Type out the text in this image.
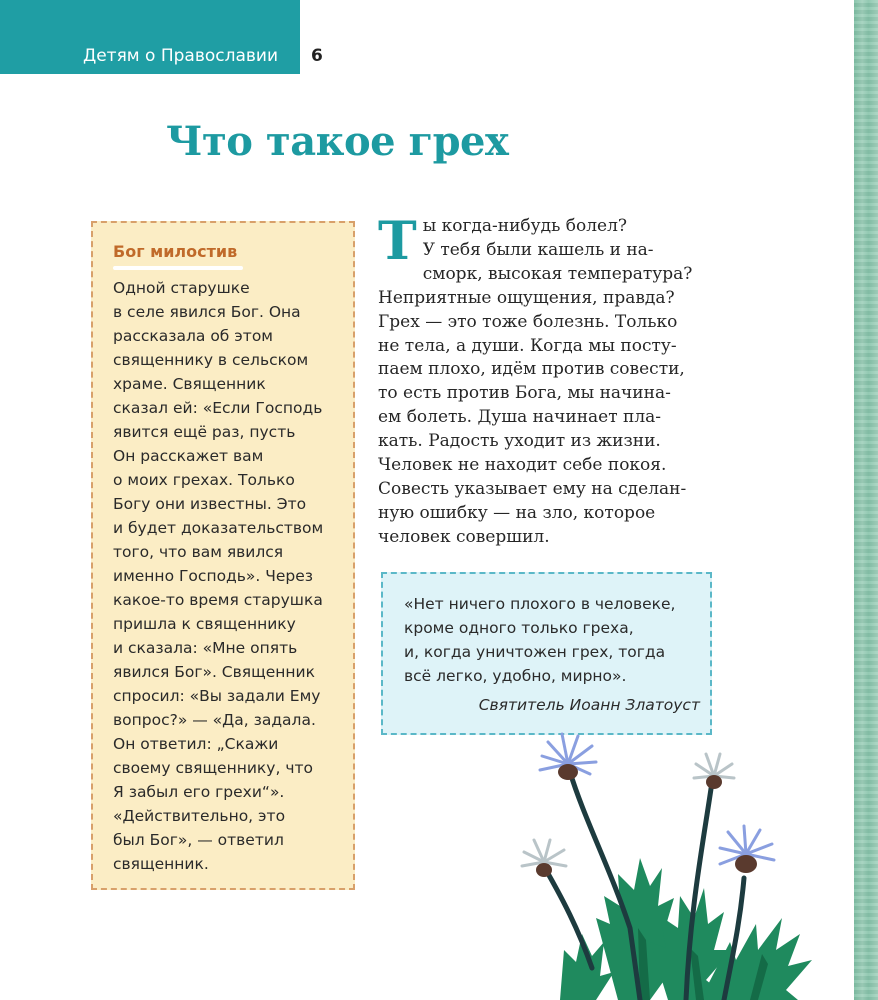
Детям о Православии 6
Что такое грех
Бог милостив

Одной старушке
в селе явился Бог. Она
рассказала об этом
священнику в сельском
храме. Священник
сказал ей: «Если Господь
явится ещё раз, пусть
Он расскажет вам
о моих грехах. Только
Богу они известны. Это
и будет доказательством
того, что вам явился
именно Господь». Через
какое-то время старушка
пришла к священнику
и сказала: «Мне опять
явился Бог». Священник
спросил: «Вы задали Ему
вопрос?» — «Да, задала.
Он ответил: „Скажи
своему священнику, что
Я забыл его грехи“».
«Действительно, это
был Бог», — ответил
священник.

Ты когда-нибудь болел?
У тебя были кашель и на-
сморк, высокая температура?
Неприятные ощущения, правда?
Грех — это тоже болезнь. Только
не тела, а души. Когда мы посту-
паем плохо, идём против совести,
то есть против Бога, мы начина-
ем болеть. Душа начинает пла-
кать. Радость уходит из жизни.
Человек не находит себе покоя.
Совесть указывает ему на сделан-
ную ошибку — на зло, которое
человек совершил.

«Нет ничего плохого в человеке,
кроме одного только греха,
и, когда уничтожен грех, тогда
всё легко, удобно, мирно».

Святитель Иоанн Златоуст
